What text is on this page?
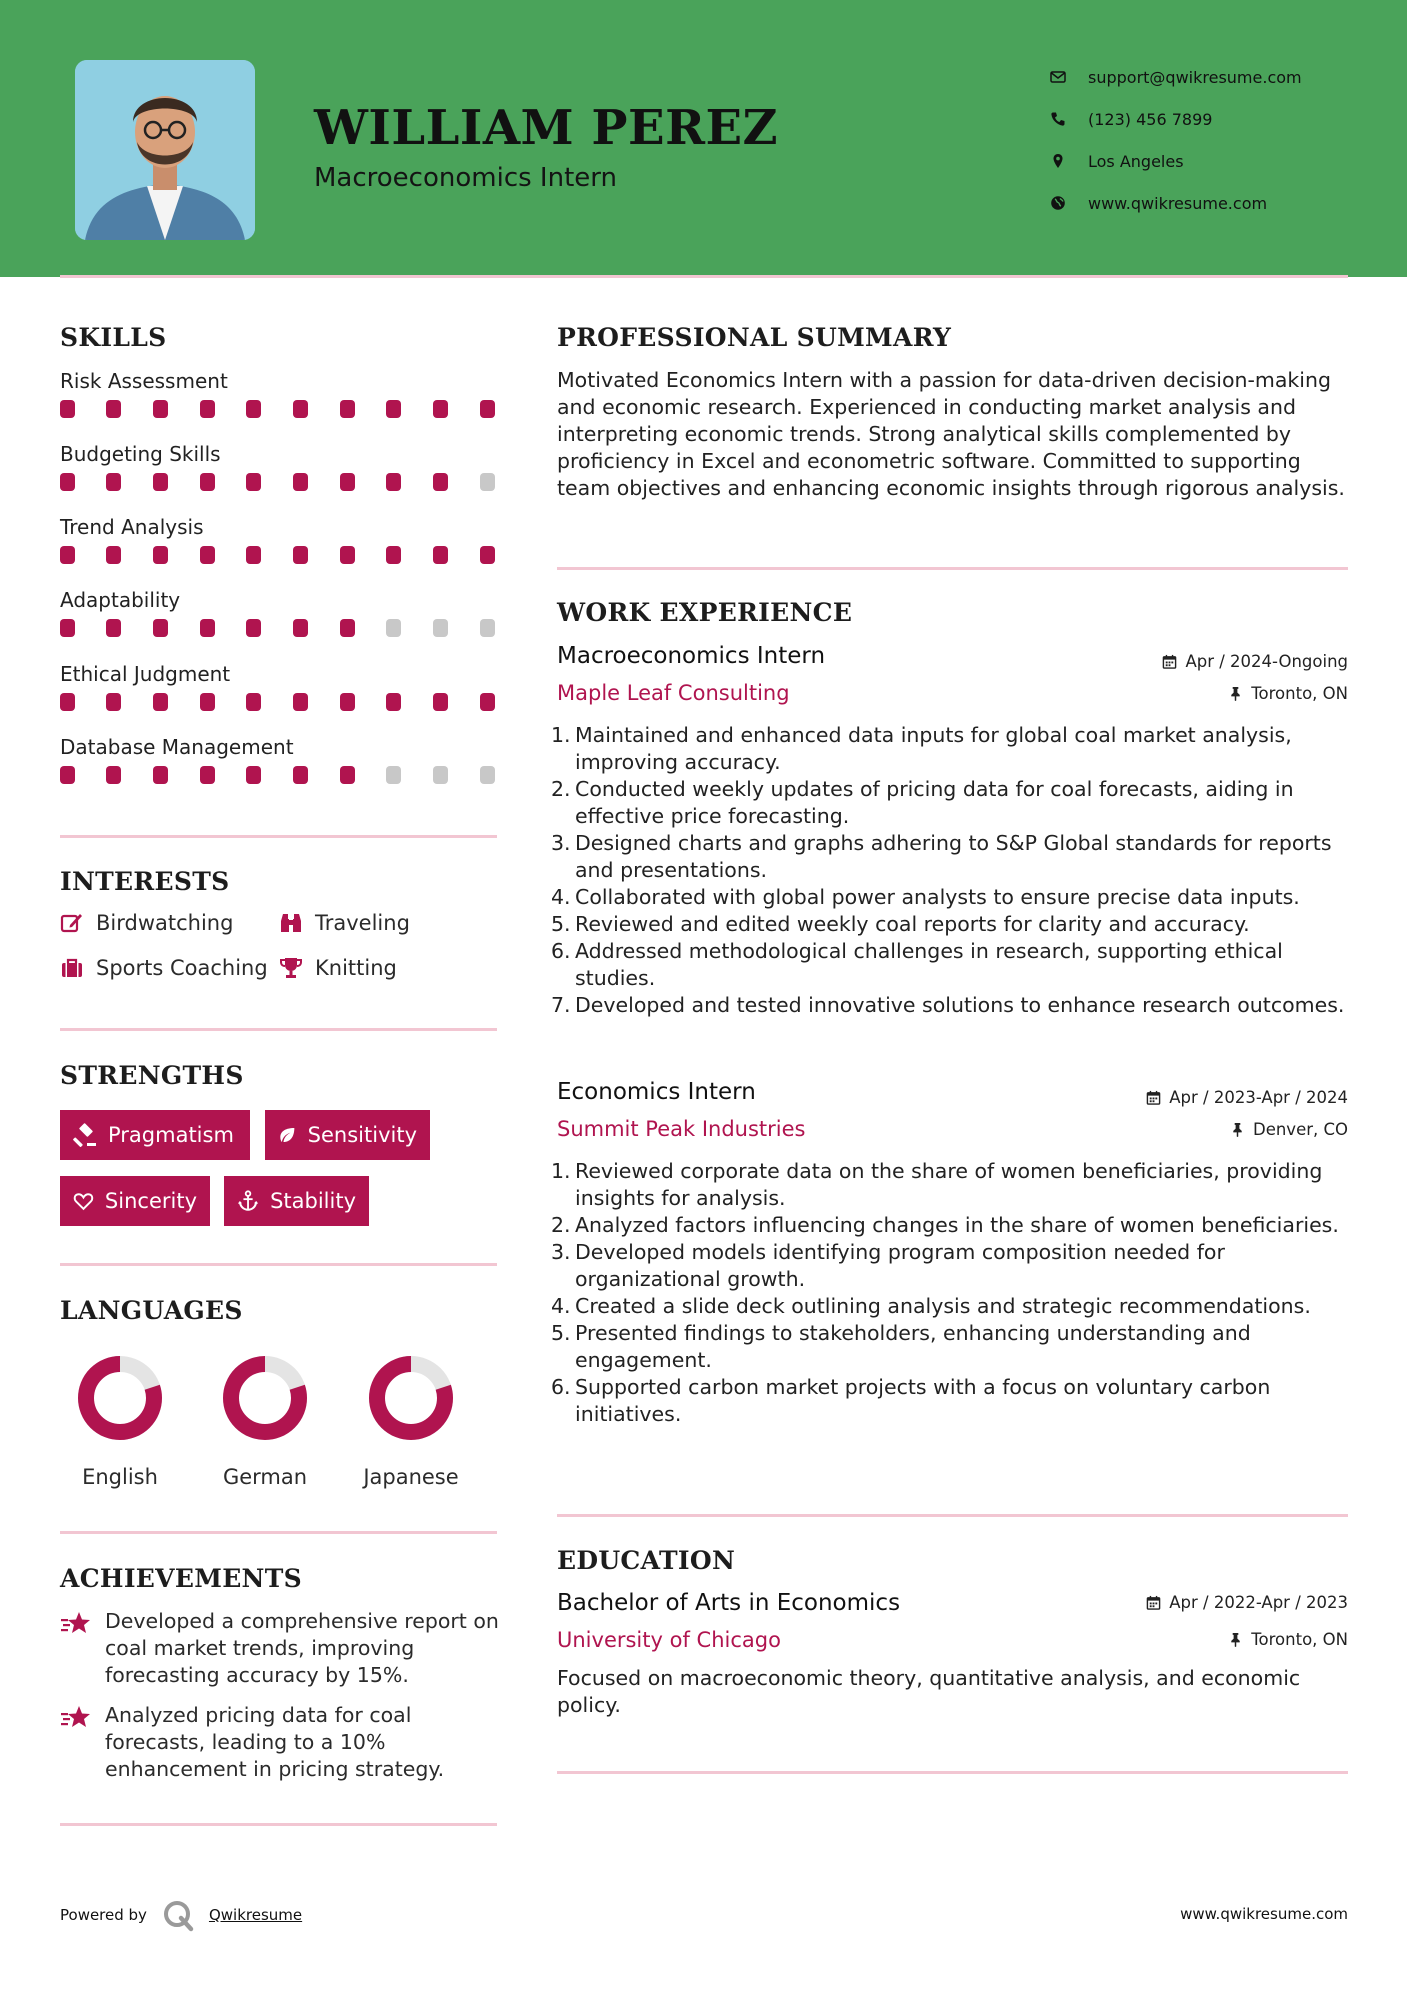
WILLIAM PEREZ
Macroeconomics Intern
support@qwikresume.com
(123) 456 7899
Los Angeles
www.qwikresume.com
SKILLS
Risk Assessment
Budgeting Skills
Trend Analysis
Adaptability
Ethical Judgment
Database Management
INTERESTS
Birdwatching	Traveling
Sports Coaching Knitting
STRENGTHS
Pragmatism	Sensitivity
Sincerity	Stability
LANGUAGES
English	German	Japanese
ACHIEVEMENTS
Developed a comprehensive report on coal market trends, improving forecasting accuracy by 15%.
Analyzed pricing data for coal forecasts, leading to a 10% enhancement in pricing strategy.
PROFESSIONAL SUMMARY
Motivated Economics Intern with a passion for data-driven decision-making and economic research. Experienced in conducting market analysis and interpreting economic trends. Strong analytical skills complemented by proficiency in Excel and econometric software. Committed to supporting team objectives and enhancing economic insights through rigorous analysis.
WORK EXPERIENCE
Macroeconomics Intern	Apr / 2024-Ongoing
Maple Leaf Consulting	Toronto, ON
1. Maintained and enhanced data inputs for global coal market analysis, improving accuracy.
2. Conducted weekly updates of pricing data for coal forecasts, aiding in effective price forecasting.
3. Designed charts and graphs adhering to S&P Global standards for reports and presentations.
4. Collaborated with global power analysts to ensure precise data inputs.
5. Reviewed and edited weekly coal reports for clarity and accuracy.
6. Addressed methodological challenges in research, supporting ethical studies.
7. Developed and tested innovative solutions to enhance research outcomes.
Economics Intern	Apr / 2023-Apr / 2024
Summit Peak Industries	Denver, CO
1. Reviewed corporate data on the share of women beneficiaries, providing insights for analysis.
2. Analyzed factors influencing changes in the share of women beneficiaries.
3. Developed models identifying program composition needed for organizational growth.
4. Created a slide deck outlining analysis and strategic recommendations.
5. Presented findings to stakeholders, enhancing understanding and engagement.
6. Supported carbon market projects with a focus on voluntary carbon initiatives.
EDUCATION
Bachelor of Arts in Economics	Apr / 2022-Apr / 2023
University of Chicago	Toronto, ON
Focused on macroeconomic theory, quantitative analysis, and economic policy.
Powered by	Qwikresume	www.qwikresume.com
